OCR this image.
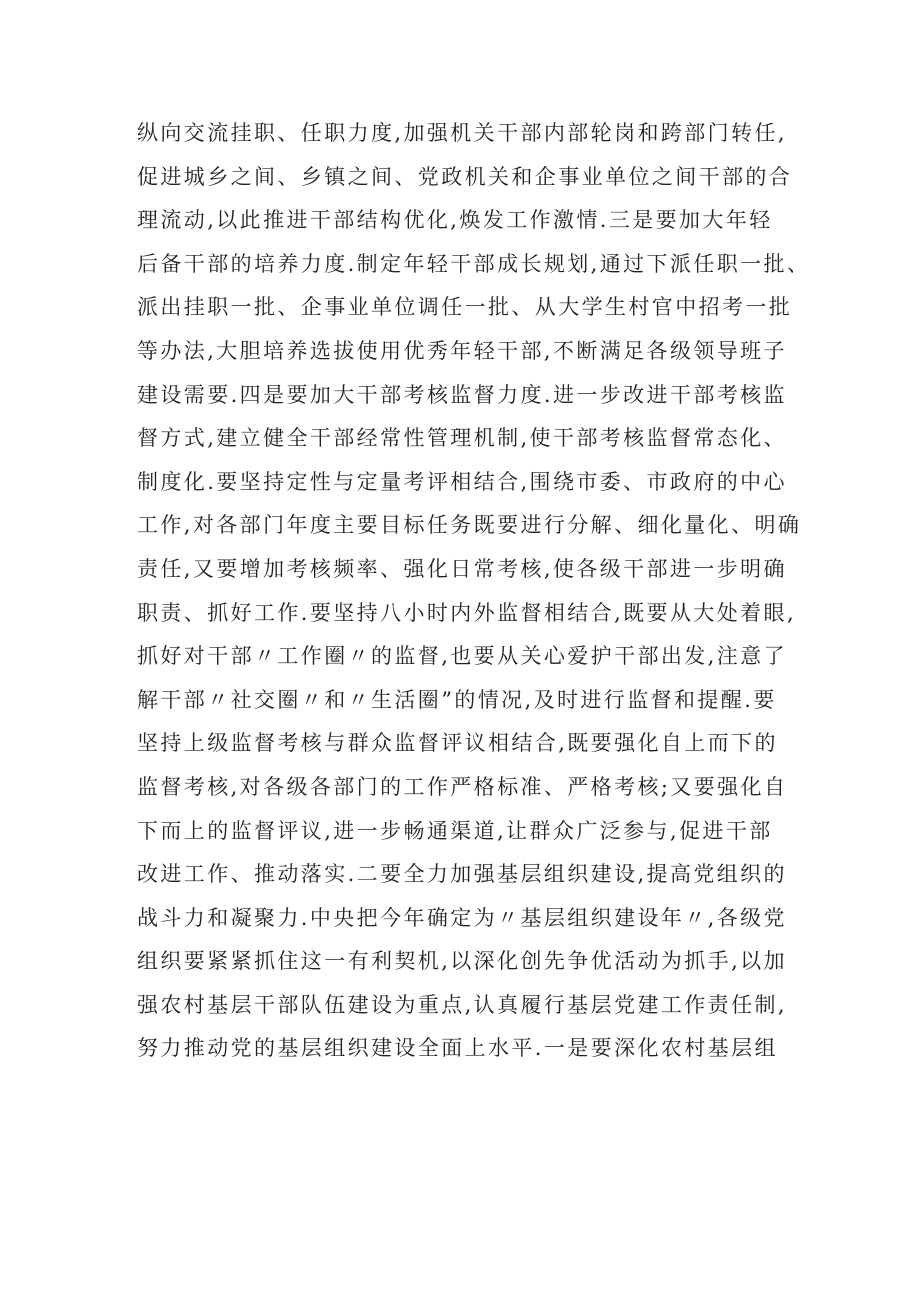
纵向交流挂职、任职力度,加强机关干部内部轮岗和跨部门转任,
促进城乡之间、乡镇之间、党政机关和企事业单位之间干部的合
理流动,以此推进干部结构优化,焕发工作激情.三是要加大年轻
后备干部的培养力度.制定年轻干部成长规划,通过下派任职一批、
派出挂职一批、企事业单位调任一批、从大学生村官中招考一批
等办法,大胆培养选拔使用优秀年轻干部,不断满足各级领导班子
建设需要.四是要加大干部考核监督力度.进一步改进干部考核监
督方式,建立健全干部经常性管理机制,使干部考核监督常态化、
制度化.要坚持定性与定量考评相结合,围绕市委、市政府的中心
工作,对各部门年度主要目标任务既要进行分解、细化量化、明确
责任,又要增加考核频率、强化日常考核,使各级干部进一步明确
职责、抓好工作.要坚持八小时内外监督相结合,既要从大处着眼,
抓好对干部〃工作圈〃的监督,也要从关心爱护干部出发,注意了
解干部〃社交圈〃和〃生活圈”的情况,及时进行监督和提醒.要
坚持上级监督考核与群众监督评议相结合,既要强化自上而下的
监督考核,对各级各部门的工作严格标准、严格考核;又要强化自
下而上的监督评议,进一步畅通渠道,让群众广泛参与,促进干部
改进工作、推动落实.二要全力加强基层组织建设,提高党组织的
战斗力和凝聚力.中央把今年确定为〃基层组织建设年〃,各级党
组织要紧紧抓住这一有利契机,以深化创先争优活动为抓手,以加
强农村基层干部队伍建设为重点,认真履行基层党建工作责任制,
努力推动党的基层组织建设全面上水平.一是要深化农村基层组
